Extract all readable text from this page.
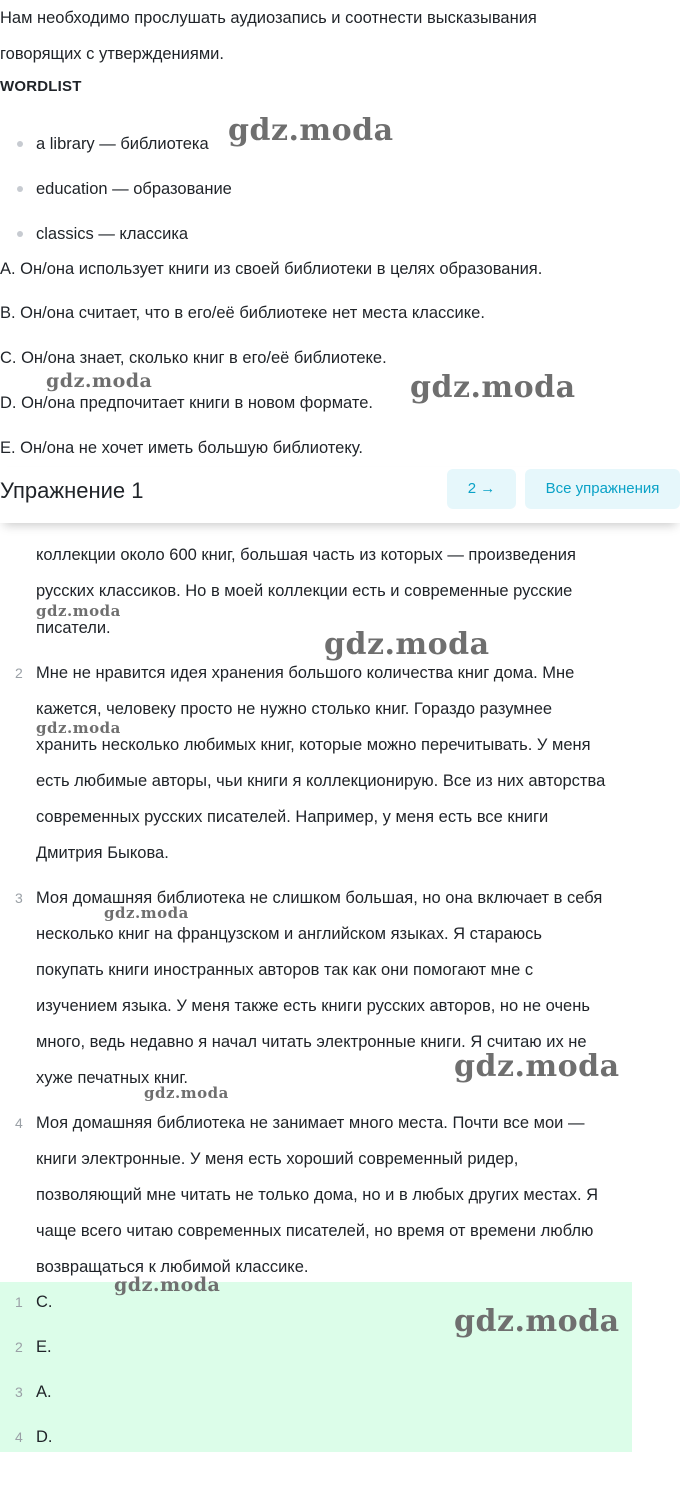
Нам необходимо прослушать аудиозапись и соотнести высказывания
говорящих с утверждениями.
WORDLIST
a library — библиотека
education — образование
classics — классика
A. Он/она использует книги из своей библиотеки в целях образования.
B. Он/она считает, что в его/её библиотеке нет места классике.
C. Он/она знает, сколько книг в его/её библиотеке.
D. Он/она предпочитает книги в новом формате.
E. Он/она не хочет иметь большую библиотеку.
Упражнение 1	2 →	Все упражнения
коллекции около 600 книг, большая часть из которых — произведения
русских классиков. Но в моей коллекции есть и современные русские
писатели.
2 Мне не нравится идея хранения большого количества книг дома. Мне
кажется, человеку просто не нужно столько книг. Гораздо разумнее
хранить несколько любимых книг, которые можно перечитывать. У меня
есть любимые авторы, чьи книги я коллекционирую. Все из них авторства
современных русских писателей. Например, у меня есть все книги
Дмитрия Быкова.
3 Моя домашняя библиотека не слишком большая, но она включает в себя
несколько книг на французском и английском языках. Я стараюсь
покупать книги иностранных авторов так как они помогают мне с
изучением языка. У меня также есть книги русских авторов, но не очень
много, ведь недавно я начал читать электронные книги. Я считаю их не
хуже печатных книг.
4 Моя домашняя библиотека не занимает много места. Почти все мои —
книги электронные. У меня есть хороший современный ридер,
позволяющий мне читать не только дома, но и в любых других местах. Я
чаще всего читаю современных писателей, но время от времени люблю
возвращаться к любимой классике.
1 C.
2 E.
3 A.
4 D.
gdz.moda
gdz.moda	gdz.moda
gdz.moda
gdz.moda
gdz.moda
gdz.moda
gdz.moda
gdz.moda
gdz.moda
gdz.moda
